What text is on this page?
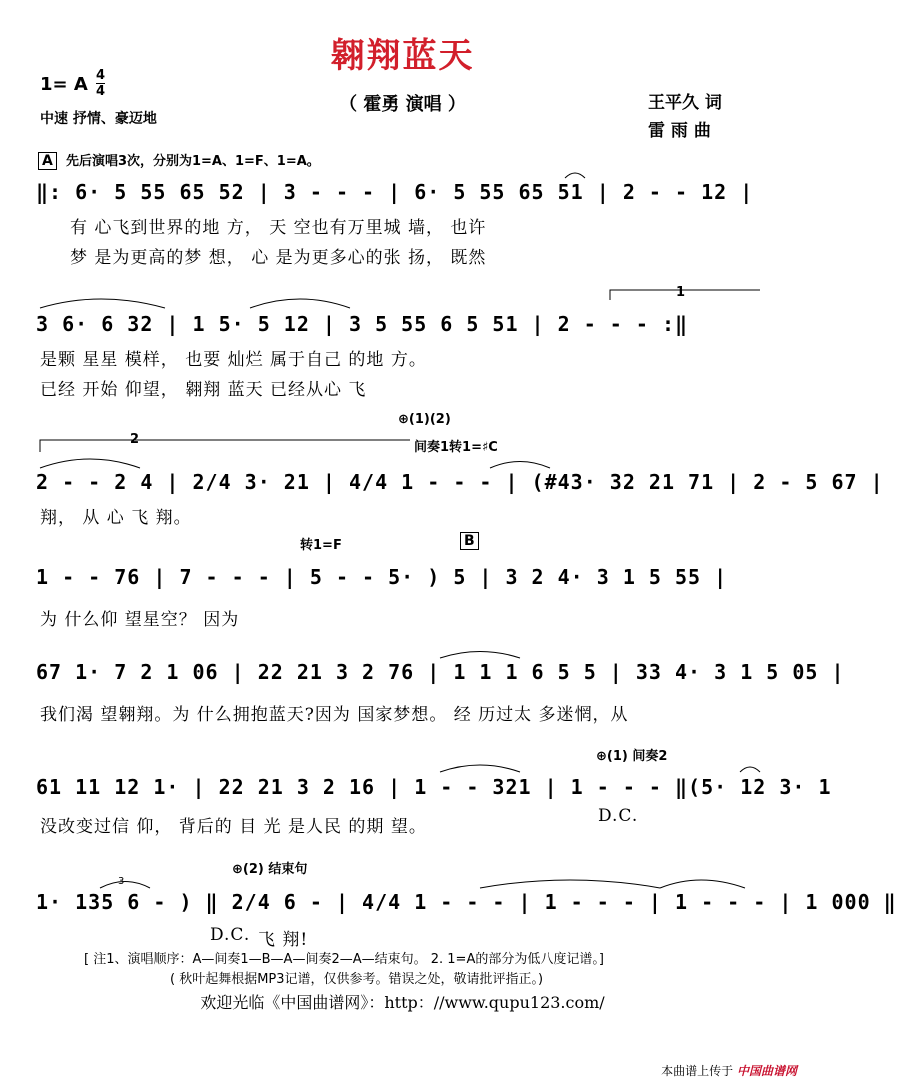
翱翔蓝天
（ 霍勇 演唱 ）
1= A 4
4
中速 抒情、豪迈地
王平久 词
雷 雨 曲
A 先后演唱3次，分别为1=A、1=F、1=A。
‖: 6· 5 55 65 52 | 3 - - - | 6· 5 55 65 51 | 2 - - 12 |
有 心飞到世界的地 方， 天 空也有万里城 墙， 也许
梦 是为更高的梦 想， 心 是为更多心的张 扬， 既然
1
3 6· 6 32 | 1 5· 5 12 | 3 5 55 6 5 51 | 2 - - - :‖
是颗 星星 模样， 也要 灿烂 属于自己 的地 方。
已经 开始 仰望， 翱翔 蓝天 已经从心 飞
2
⊕(1)(2)
间奏1转1=♯C
2 - - 2 4 | 2/4 3· 21 | 4/4 1 - - - | (#43· 32 21 71 | 2 - 5 67 |
翔， 从 心 飞 翔。
转1=F	B
1 - - 76 | 7 - - - | 5 - - 5· ) 5 | 3 2 4· 3 1 5 55 |
为 什么仰 望星空？ 因为
67 1· 7 2 1 06 | 22 21 3 2 76 | 1 1 1 6 5 5 | 33 4· 3 1 5 05 |
我们渴 望翱翔。为 什么拥抱蓝天?因为 国家梦想。 经 历过太 多迷惘，从
⊕(1) 间奏2
61 11 12 1· | 22 21 3 2 16 | 1 - - 321 | 1 - - - ‖(5· 12 3· 1
没改变过信 仰， 背后的 目 光 是人民 的期 望。
D.C.
⊕(2) 结束句
1· 135 6 - ) ‖ 2/4 6 - | 4/4 1 - - - | 1 - - - | 1 - - - | 1 000 ‖
D.C. 飞 翔!
[ 注1、演唱顺序：A—间奏1—B—A—间奏2—A—结束句。 2. 1=A的部分为低八度记谱。]
( 秋叶起舞根据MP3记谱，仅供参考。错误之处，敬请批评指正。)
欢迎光临《中国曲谱网》：http：//www.qupu123.com/
本曲谱上传于 中国曲谱网
3
